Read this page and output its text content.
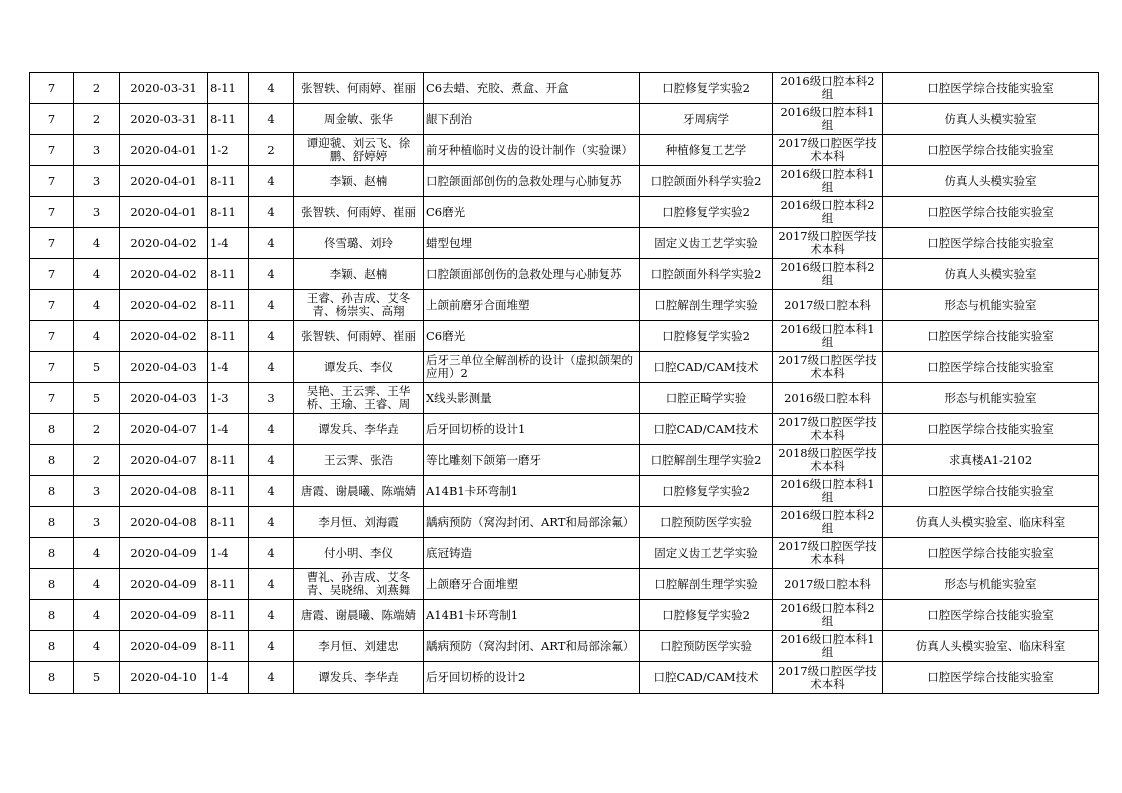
7	2	2020-03-31	8-11	4	张智轶、何雨婷、崔丽	C6去蜡、充胶、煮盒、开盒	口腔修复学实验2	2016级口腔本科2组	口腔医学综合技能实验室
7	2	2020-03-31	8-11	4	周金敏、张华	龈下刮治	牙周病学	2016级口腔本科1组	仿真人头模实验室
7	3	2020-04-01	1-2	2	谭迎虢、刘云飞、徐鹏、舒婷婷	前牙种植临时义齿的设计制作（实验课）	种植修复工艺学	2017级口腔医学技术本科	口腔医学综合技能实验室
7	3	2020-04-01	8-11	4	李颖、赵楠	口腔颌面部创伤的急救处理与心肺复苏	口腔颌面外科学实验2	2016级口腔本科1组	仿真人头模实验室
7	3	2020-04-01	8-11	4	张智轶、何雨婷、崔丽	C6磨光	口腔修复学实验2	2016级口腔本科2组	口腔医学综合技能实验室
7	4	2020-04-02	1-4	4	佟雪璐、刘玲	蜡型包埋	固定义齿工艺学实验	2017级口腔医学技术本科	口腔医学综合技能实验室
7	4	2020-04-02	8-11	4	李颖、赵楠	口腔颌面部创伤的急救处理与心肺复苏	口腔颌面外科学实验2	2016级口腔本科2组	仿真人头模实验室
7	4	2020-04-02	8-11	4	王睿、孙吉成、艾冬青、杨崇实、高翔	上颌前磨牙合面堆塑	口腔解剖生理学实验	2017级口腔本科	形态与机能实验室
7	4	2020-04-02	8-11	4	张智轶、何雨婷、崔丽	C6磨光	口腔修复学实验2	2016级口腔本科1组	口腔医学综合技能实验室
7	5	2020-04-03	1-4	4	谭发兵、李仪	后牙三单位全解剖桥的设计（虚拟颌架的应用）2	口腔CAD/CAM技术	2017级口腔医学技术本科	口腔医学综合技能实验室
7	5	2020-04-03	1-3	3	吴艳、王云霁、王华桥、王瑜、王睿、周	X线头影测量	口腔正畸学实验	2016级口腔本科	形态与机能实验室
8	2	2020-04-07	1-4	4	谭发兵、李华垚	后牙回切桥的设计1	口腔CAD/CAM技术	2017级口腔医学技术本科	口腔医学综合技能实验室
8	2	2020-04-07	8-11	4	王云霁、张浩	等比雕刻下颌第一磨牙	口腔解剖生理学实验2	2018级口腔医学技术本科	求真楼A1-2102
8	3	2020-04-08	8-11	4	唐霞、谢晨曦、陈端婧	A14B1卡环弯制1	口腔修复学实验2	2016级口腔本科1组	口腔医学综合技能实验室
8	3	2020-04-08	8-11	4	李月恒、刘海霞	龋病预防（窝沟封闭、ART和局部涂氟）	口腔预防医学实验	2016级口腔本科2组	仿真人头模实验室、临床科室
8	4	2020-04-09	1-4	4	付小明、李仪	底冠铸造	固定义齿工艺学实验	2017级口腔医学技术本科	口腔医学综合技能实验室
8	4	2020-04-09	8-11	4	曹礼、孙吉成、艾冬青、吴晓绵、刘燕舞	上颌磨牙合面堆塑	口腔解剖生理学实验	2017级口腔本科	形态与机能实验室
8	4	2020-04-09	8-11	4	唐霞、谢晨曦、陈端婧	A14B1卡环弯制1	口腔修复学实验2	2016级口腔本科2组	口腔医学综合技能实验室
8	4	2020-04-09	8-11	4	李月恒、刘建忠	龋病预防（窝沟封闭、ART和局部涂氟）	口腔预防医学实验	2016级口腔本科1组	仿真人头模实验室、临床科室
8	5	2020-04-10	1-4	4	谭发兵、李华垚	后牙回切桥的设计2	口腔CAD/CAM技术	2017级口腔医学技术本科	口腔医学综合技能实验室
